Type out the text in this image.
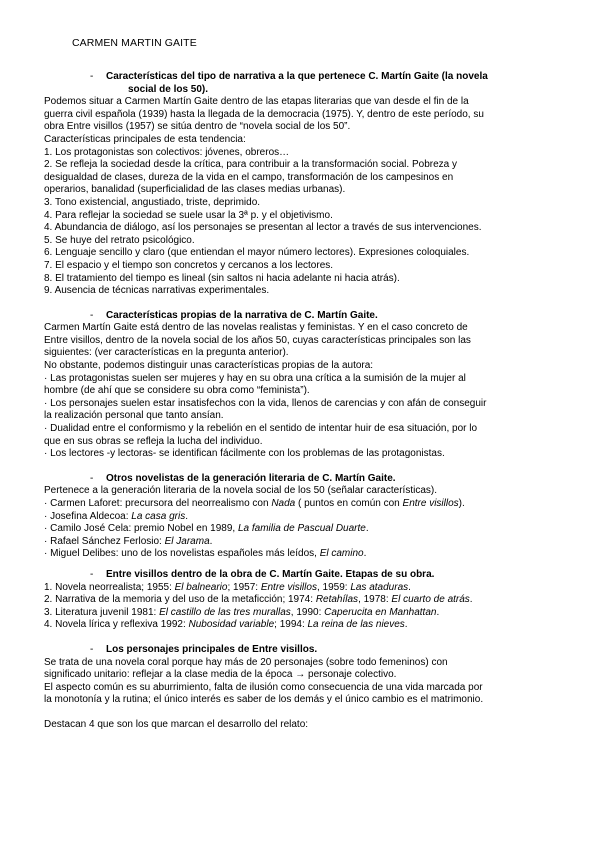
CARMEN MARTIN GAITE
-	Características del tipo de narrativa a la que pertenece C. Martín Gaite (la novela
social de los 50).
Podemos situar a Carmen Martín Gaite dentro de las etapas literarias que van desde el fin de la
guerra civil española (1939) hasta la llegada de la democracia (1975). Y, dentro de este período, su
obra Entre visillos (1957) se sitúa dentro de “novela social de los 50”.
Características principales de esta tendencia:
1. Los protagonistas son colectivos: jóvenes, obreros…
2. Se refleja la sociedad desde la crítica, para contribuir a la transformación social. Pobreza y
desigualdad de clases, dureza de la vida en el campo, transformación de los campesinos en
operarios, banalidad (superficialidad de las clases medias urbanas).
3. Tono existencial, angustiado, triste, deprimido.
4. Para reflejar la sociedad se suele usar la 3ª p. y el objetivismo.
4. Abundancia de diálogo, así los personajes se presentan al lector a través de sus intervenciones.
5. Se huye del retrato psicológico.
6. Lenguaje sencillo y claro (que entiendan el mayor número lectores). Expresiones coloquiales.
7. El espacio y el tiempo son concretos y cercanos a los lectores.
8. El tratamiento del tiempo es lineal (sin saltos ni hacia adelante ni hacia atrás).
9. Ausencia de técnicas narrativas experimentales.
-	Características propias de la narrativa de C. Martín Gaite.
Carmen Martín Gaite está dentro de las novelas realistas y feministas. Y en el caso concreto de
Entre visillos, dentro de la novela social de los años 50, cuyas características principales son las
siguientes: (ver características en la pregunta anterior).
No obstante, podemos distinguir unas características propias de la autora:
· Las protagonistas suelen ser mujeres y hay en su obra una crítica a la sumisión de la mujer al
hombre (de ahí que se considere su obra como “feminista”).
· Los personajes suelen estar insatisfechos con la vida, llenos de carencias y con afán de conseguir
la realización personal que tanto ansían.
· Dualidad entre el conformismo y la rebelión en el sentido de intentar huir de esa situación, por lo
que en sus obras se refleja la lucha del individuo.
· Los lectores -y lectoras- se identifican fácilmente con los problemas de las protagonistas.
-	Otros novelistas de la generación literaria de C. Martín Gaite.
Pertenece a la generación literaria de la novela social de los 50 (señalar características).
· Carmen Laforet: precursora del neorrealismo con Nada ( puntos en común con Entre visillos).
· Josefina Aldecoa: La casa gris.
· Camilo José Cela: premio Nobel en 1989, La familia de Pascual Duarte.
· Rafael Sánchez Ferlosio: El Jarama.
· Miguel Delibes: uno de los novelistas españoles más leídos, El camino.
-	Entre visillos dentro de la obra de C. Martín Gaite. Etapas de su obra.
1. Novela neorrealista; 1955: El balneario; 1957: Entre visillos, 1959: Las ataduras.
2. Narrativa de la memoria y del uso de la metaficción; 1974: Retahílas, 1978: El cuarto de atrás.
3. Literatura juvenil 1981: El castillo de las tres murallas, 1990: Caperucita en Manhattan.
4. Novela lírica y reflexiva 1992: Nubosidad variable; 1994: La reina de las nieves.
-	Los personajes principales de Entre visillos.
Se trata de una novela coral porque hay más de 20 personajes (sobre todo femeninos) con
significado unitario: reflejar a la clase media de la época → personaje colectivo.
El aspecto común es su aburrimiento, falta de ilusión como consecuencia de una vida marcada por
la monotonía y la rutina; el único interés es saber de los demás y el único cambio es el matrimonio.
Destacan 4 que son los que marcan el desarrollo del relato:
